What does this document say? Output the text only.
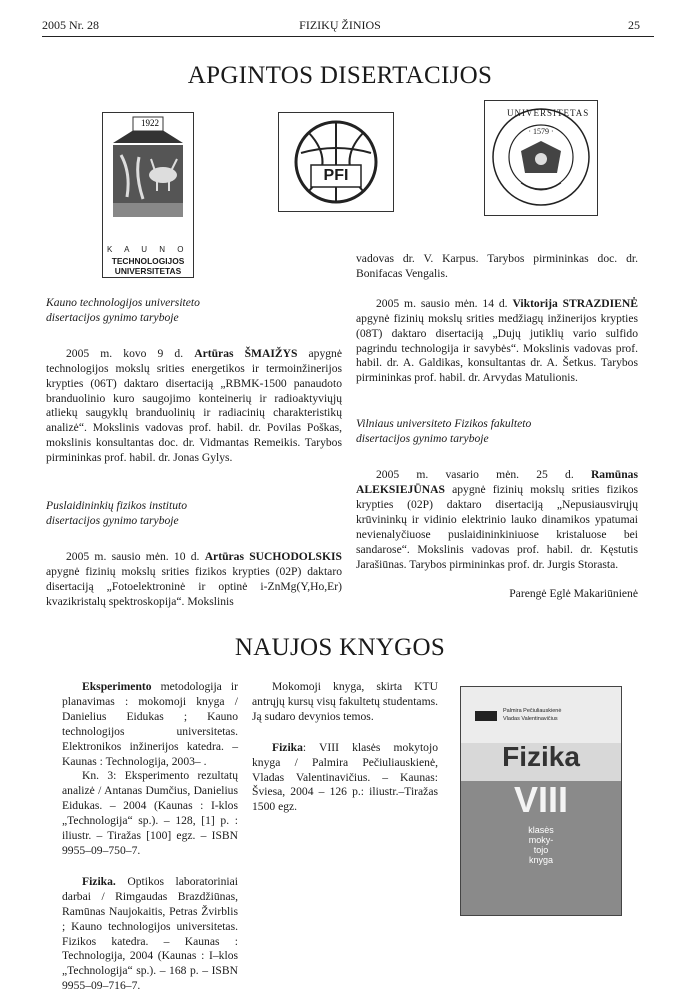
2005 Nr. 28	FIZIKŲ ŽINIOS	25
APGINTOS DISERTACIJOS
1922
K A U N O
TECHNOLOGIJOS
UNIVERSITETAS
PFI
UNIVERSITETAS
· 1579 ·

Kauno technologijos universiteto

disertacijos gynimo taryboje

2005 m. kovo 9 d. Artūras ŠMAIŽYS apygnė technologijos mokslų srities energetikos ir termoinžinerijos krypties (06T) daktaro disertaciją „RBMK-1500 panaudoto branduolinio kuro saugojimo konteinerių ir radioaktyviųjų atliekų saugyklų branduolinių ir radiacinių charakteristikų analizė“. Mokslinis vadovas prof. habil. dr. Povilas Poškas, mokslinis konsultantas doc. dr. Vidmantas Remeikis. Tarybos pirmininkas prof. habil. dr. Jonas Gylys.

Puslaidininkių fizikos instituto

disertacijos gynimo taryboje

2005 m. sausio mėn. 10 d. Artūras SUCHODOLSKIS apygnė fizinių mokslų srities fizikos krypties (02P) daktaro disertaciją „Fotoelektroninė ir optinė i-ZnMg(Y,Ho,Er) kvazikristalų spektroskopija“. Mokslinis

vadovas dr. V. Karpus. Tarybos pirmininkas doc. dr. Bonifacas Vengalis.

2005 m. sausio mėn. 14 d. Viktorija STRAZDIENĖ apgynė fizinių mokslų srities medžiagų inžinerijos krypties (08T) daktaro disertaciją „Dujų jutiklių vario sulfido pagrindu technologija ir savybės“. Mokslinis vadovas prof. habil. dr. A. Galdikas, konsultantas dr. A. Šetkus. Tarybos pirmininkas prof. habil. dr. Arvydas Matulionis.

Vilniaus universiteto Fizikos fakulteto

disertacijos gynimo taryboje

2005 m. vasario mėn. 25 d. Ramūnas ALEKSIEJŪNAS apygnė fizinių mokslų srities fizikos krypties (02P) daktaro disertaciją „Nepusiausvirųjų krūvininkų ir vidinio elektrinio lauko dinamikos ypatumai nevienalyčiuose puslaidininkiniuose kristaluose bei sandarose“. Mokslinis vadovas prof. habil. dr. Kęstutis Jarašiūnas. Tarybos pirmininkas prof. dr. Jurgis Storasta.

Parengė Eglė Makariūnienė

NAUJOS KNYGOS

Eksperimento metodologija ir planavimas : mokomoji knyga / Danielius Eidukas ; Kauno technologijos universitetas. Elektronikos inžinerijos katedra. – Kaunas : Technologija, 2003– .

Kn. 3: Eksperimento rezultatų analizė / Antanas Dumčius, Danielius Eidukas. – 2004 (Kaunas : I-klos „Technologija“ sp.). – 128, [1] p. : iliustr. – Tiražas [100] egz. – ISBN 9955–09–750–7.

Fizika. Optikos laboratoriniai darbai / Rimgaudas Brazdžiūnas, Ramūnas Naujokaitis, Petras Žvirblis ; Kauno technologijos universitetas. Fizikos katedra. – Kaunas : Technologija, 2004 (Kaunas : I–klos „Technologija“ sp.). – 168 p. – ISBN 9955–09–716–7.

Mokomoji knyga, skirta KTU antrųjų kursų visų fakultetų studentams. Ją sudaro devynios temos.

Fizika: VIII klasės mokytojo knyga / Palmira Pečiuliauskienė, Vladas Valentinavičius. – Kaunas: Šviesa, 2004 – 126 p.: iliustr.–Tiražas 1500 egz.

Palmira Pečiuliauskienė
Vladas Valentinavičius
Fizika
VIII
klasės
moky-
tojo
knyga
